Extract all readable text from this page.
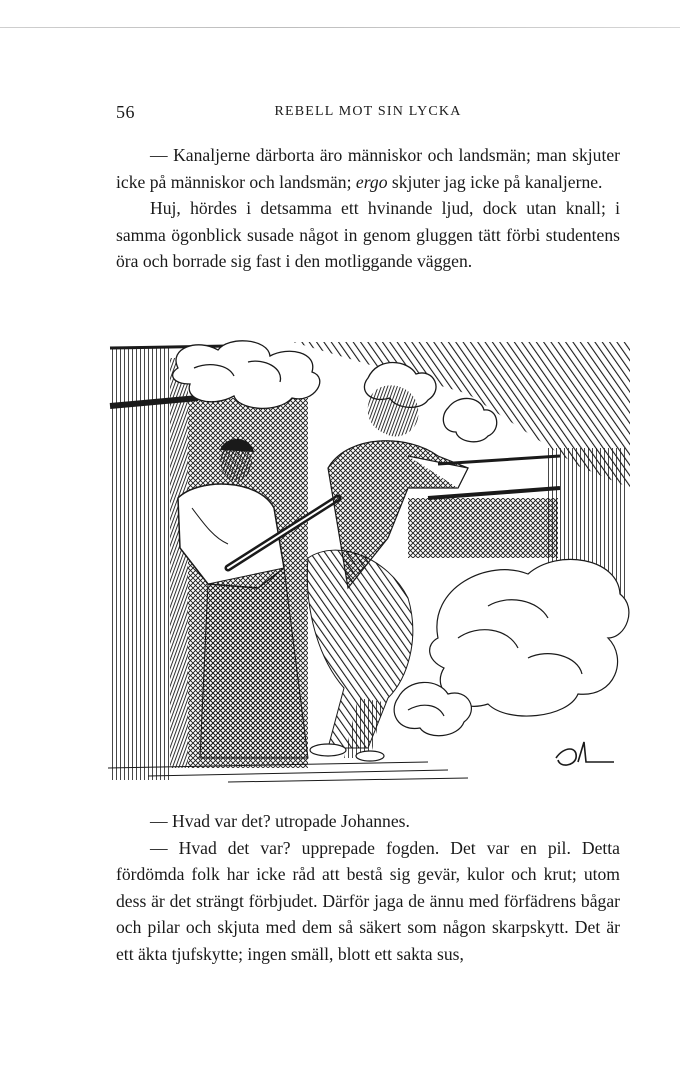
56	REBELL MOT SIN LYCKA

— Kanaljerne därborta äro människor och landsmän; man skjuter icke på människor och landsmän; ergo skjuter jag icke på kanaljerne.

Huj, hördes i detsamma ett hvinande ljud, dock utan knall; i samma ögonblick susade något in genom gluggen tätt förbi studentens öra och borrade sig fast i den motliggande väggen.

— Hvad var det? utropade Johannes.

— Hvad det var? upprepade fogden. Det var en pil. Detta fördömda folk har icke råd att bestå sig gevär, kulor och krut; utom dess är det strängt förbjudet. Därför jaga de ännu med förfädrens bågar och pilar och skjuta med dem så säkert som någon skarpskytt. Det är ett äkta tjufskytte; ingen smäll, blott ett sakta sus,
